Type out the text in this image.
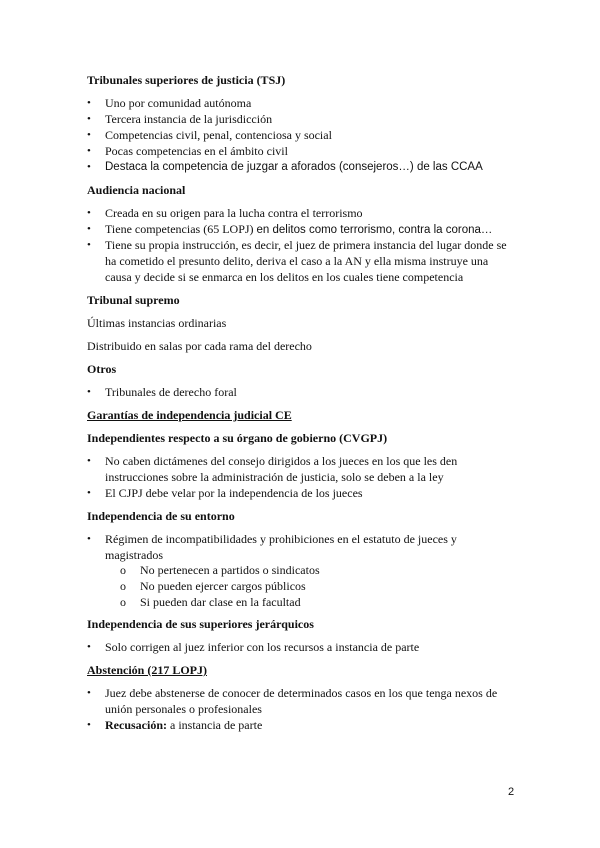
Tribunales superiores de justicia (TSJ)
•	Uno por comunidad autónoma
•	Tercera instancia de la jurisdicción
•	Competencias civil, penal, contenciosa y social
•	Pocas competencias en el ámbito civil
•	Destaca la competencia de juzgar a aforados (consejeros…) de las CCAA
Audiencia nacional
•	Creada en su origen para la lucha contra el terrorismo
•	Tiene competencias (65 LOPJ) en delitos como terrorismo, contra la corona…
•	Tiene su propia instrucción, es decir, el juez de primera instancia del lugar donde se ha cometido el presunto delito, deriva el caso a la AN y ella misma instruye una causa y decide si se enmarca en los delitos en los cuales tiene competencia
Tribunal supremo
Últimas instancias ordinarias
Distribuido en salas por cada rama del derecho
Otros
•	Tribunales de derecho foral
Garantías de independencia judicial CE
Independientes respecto a su órgano de gobierno (CVGPJ)
•	No caben dictámenes del consejo dirigidos a los jueces en los que les den instrucciones sobre la administración de justicia, solo se deben a la ley
•	El CJPJ debe velar por la independencia de los jueces
Independencia de su entorno
•	Régimen de incompatibilidades y prohibiciones en el estatuto de jueces y magistrados
o No pertenecen a partidos o sindicatos
o No pueden ejercer cargos públicos
o Si pueden dar clase en la facultad
Independencia de sus superiores jerárquicos
•	Solo corrigen al juez inferior con los recursos a instancia de parte
Abstención (217 LOPJ)
•	Juez debe abstenerse de conocer de determinados casos en los que tenga nexos de unión personales o profesionales
•	Recusación: a instancia de parte
2
